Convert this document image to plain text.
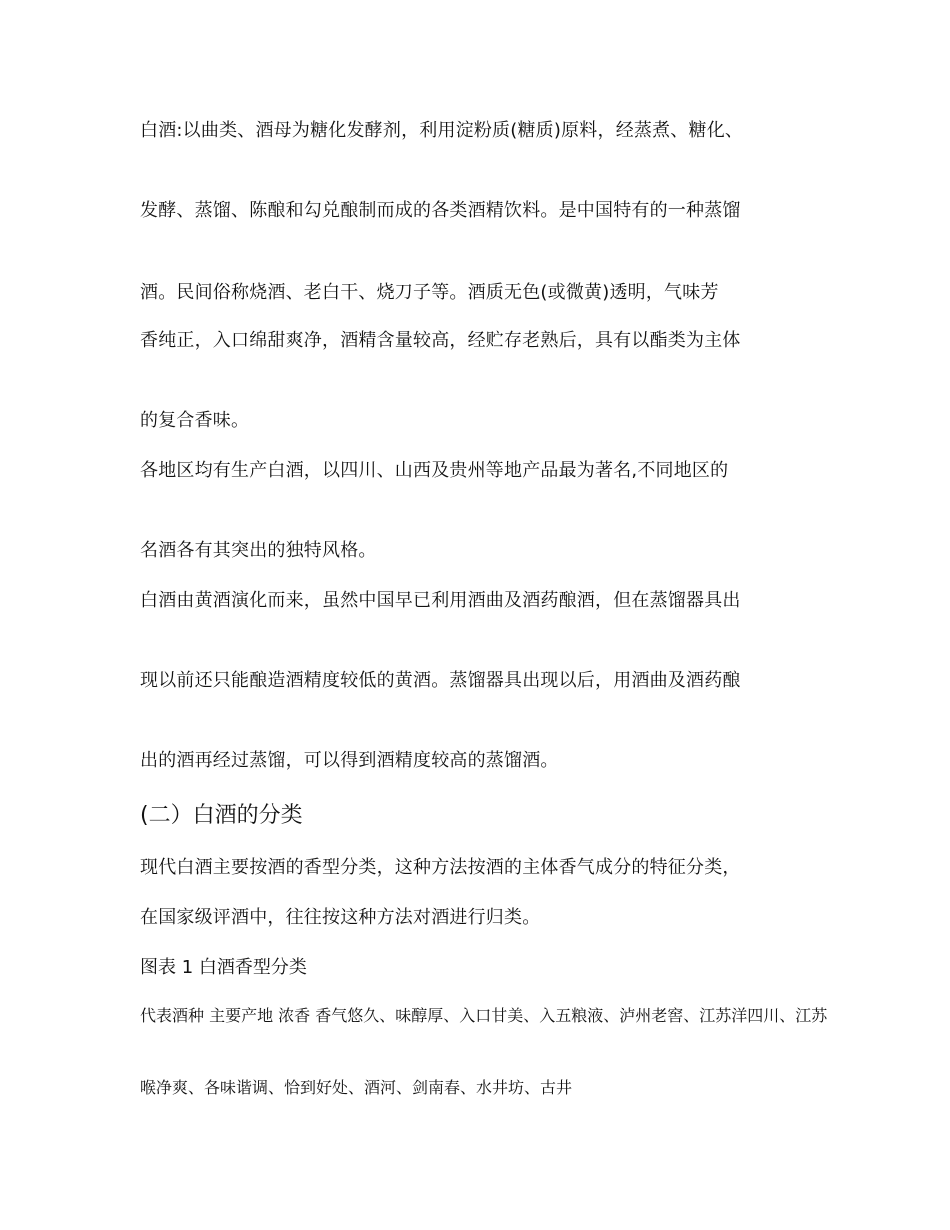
白酒:以曲类、酒母为糖化发酵剂，利用淀粉质(糖质)原料，经蒸煮、糖化、

发酵、蒸馏、陈酿和勾兑酿制而成的各类酒精饮料。是中国特有的一种蒸馏

酒。民间俗称烧酒、老白干、烧刀子等。酒质无色(或微黄)透明，气味芳

香纯正，入口绵甜爽净，酒精含量较高，经贮存老熟后，具有以酯类为主体

的复合香味。

各地区均有生产白酒，以四川、山西及贵州等地产品最为著名,不同地区的

名酒各有其突出的独特风格。

白酒由黄酒演化而来，虽然中国早已利用酒曲及酒药酿酒，但在蒸馏器具出

现以前还只能酿造酒精度较低的黄酒。蒸馏器具出现以后，用酒曲及酒药酿

出的酒再经过蒸馏，可以得到酒精度较高的蒸馏酒。

(二）白酒的分类

现代白酒主要按酒的香型分类，这种方法按酒的主体香气成分的特征分类，

在国家级评酒中，往往按这种方法对酒进行归类。

图表 1 白酒香型分类

代表酒种 主要产地 浓香 香气悠久、味醇厚、入口甘美、入五粮液、泸州老窖、江苏洋四川、江苏

喉净爽、各味谐调、恰到好处、酒河、剑南春、水井坊、古井
